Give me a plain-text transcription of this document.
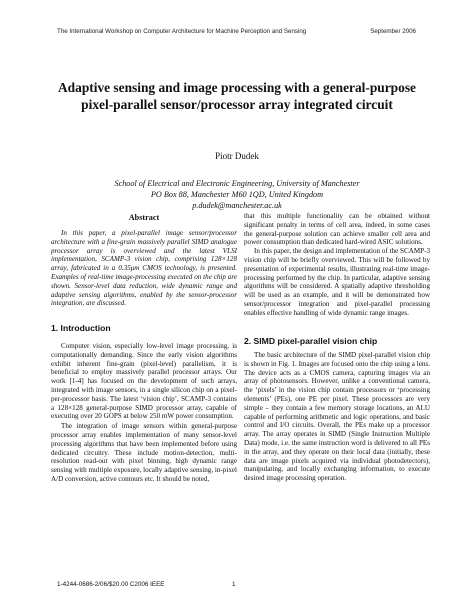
The International Workshop on Computer Architecture for Machine Perception and Sensing	September 2006
Adaptive sensing and image processing with a general-purpose
pixel-parallel sensor/processor array integrated circuit
Piotr Dudek
School of Electrical and Electronic Engineering, University of Manchester
PO Box 88, Manchester M60 1QD, United Kingdom
p.dudek@manchester.ac.uk
Abstract

In this paper, a pixel-parallel image sensor/processor architecture with a fine-grain massively parallel SIMD analogue processor array is overviewed and the latest VLSI implementation, SCAMP-3 vision chip, comprising 128×128 array, fabricated in a 0.35μm CMOS technology, is presented. Examples of real-time image-processing executed on the chip are shown. Sensor-level data reduction, wide dynamic range and adaptive sensing algorithms, enabled by the sensor-processor integration, are discussed.

1. Introduction

Computer vision, especially low-level image processing, is computationally demanding. Since the early vision algorithms exhibit inherent fine-grain (pixel-level) parallelism, it is beneficial to employ massively parallel processor arrays. Our work [1-4] has focused on the development of such arrays, integrated with image sensors, in a single silicon chip on a pixel-per-processor basis. The latest ‘vision chip’, SCAMP-3 contains a 128×128 general-purpose SIMD processor array, capable of executing over 20 GOPS at below 250 mW power consumption.

The integration of image sensors within general-purpose processor array enables implementation of many sensor-level processing algorithms that have been implemented before using dedicated circuitry. These include motion-detection, multi-resolution read-out with pixel binning, high dynamic range sensing with multiple exposure, locally adaptive sensing, in-pixel A/D conversion, active contours etc. It should be noted,

that this multiple functionality can be obtained without significant penalty in terms of cell area, indeed, in some cases the general-purpose solution can achieve smaller cell area and power consumption than dedicated hard-wired ASIC solutions.

In this paper, the design and implementation of the SCAMP-3 vision chip will be briefly overviewed. This will be followed by presentation of experimental results, illustrating real-time image-processing performed by the chip. In particular, adaptive sensing algorithms will be considered. A spatially adaptive thresholding will be used as an example, and it will be demonstrated how sensor/processor integration and pixel-parallel processing enables effective handling of wide dynamic range images.

2. SIMD pixel-parallel vision chip

The basic architecture of the SIMD pixel-parallel vision chip is shown in Fig. 1. Images are focused onto the chip using a lens. The device acts as a CMOS camera, capturing images via an array of photosensors. However, unlike a conventional camera, the ‘pixels’ in the vision chip contain processors or ‘processing elements’ (PEs), one PE per pixel. These processors are very simple – they contain a few memory storage locations, an ALU capable of performing arithmetic and logic operations, and basic control and I/O circuits. Overall, the PEs make up a processor array. The array operates in SIMD (Single Instruction Multiple Data) mode, i.e. the same instruction word is delivered to all PEs in the array, and they operate on their local data (initially, these data are image pixels acquired via individual photodetectors), manipulating, and locally exchanging information, to execute desired image processing operation.

1-4244-0686-2/06/$20.00 C2006 IEEE	1
